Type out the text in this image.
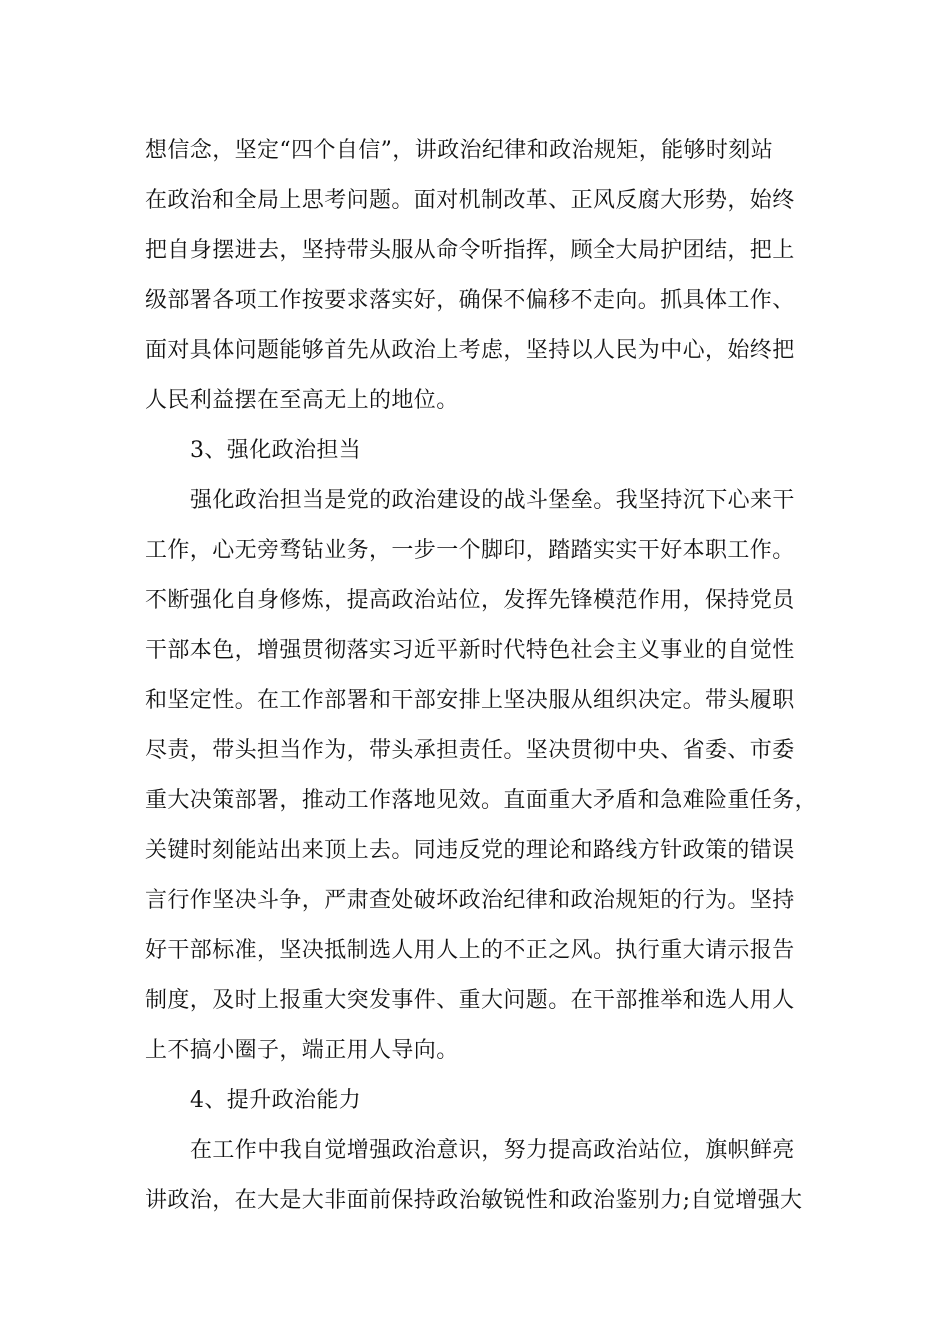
想信念，坚定“四个自信”，讲政治纪律和政治规矩，能够时刻站
在政治和全局上思考问题。面对机制改革、正风反腐大形势，始终
把自身摆进去，坚持带头服从命令听指挥，顾全大局护团结，把上
级部署各项工作按要求落实好，确保不偏移不走向。抓具体工作、
面对具体问题能够首先从政治上考虑，坚持以人民为中心，始终把
人民利益摆在至高无上的地位。
3、强化政治担当
强化政治担当是党的政治建设的战斗堡垒。我坚持沉下心来干
工作，心无旁骛钻业务，一步一个脚印，踏踏实实干好本职工作。
不断强化自身修炼，提高政治站位，发挥先锋模范作用，保持党员
干部本色，增强贯彻落实习近平新时代特色社会主义事业的自觉性
和坚定性。在工作部署和干部安排上坚决服从组织决定。带头履职
尽责，带头担当作为，带头承担责任。坚决贯彻中央、省委、市委
重大决策部署，推动工作落地见效。直面重大矛盾和急难险重任务，
关键时刻能站出来顶上去。同违反党的理论和路线方针政策的错误
言行作坚决斗争，严肃查处破坏政治纪律和政治规矩的行为。坚持
好干部标准，坚决抵制选人用人上的不正之风。执行重大请示报告
制度，及时上报重大突发事件、重大问题。在干部推举和选人用人
上不搞小圈子，端正用人导向。
4、提升政治能力
在工作中我自觉增强政治意识，努力提高政治站位，旗帜鲜亮
讲政治，在大是大非面前保持政治敏锐性和政治鉴别力;自觉增强大
